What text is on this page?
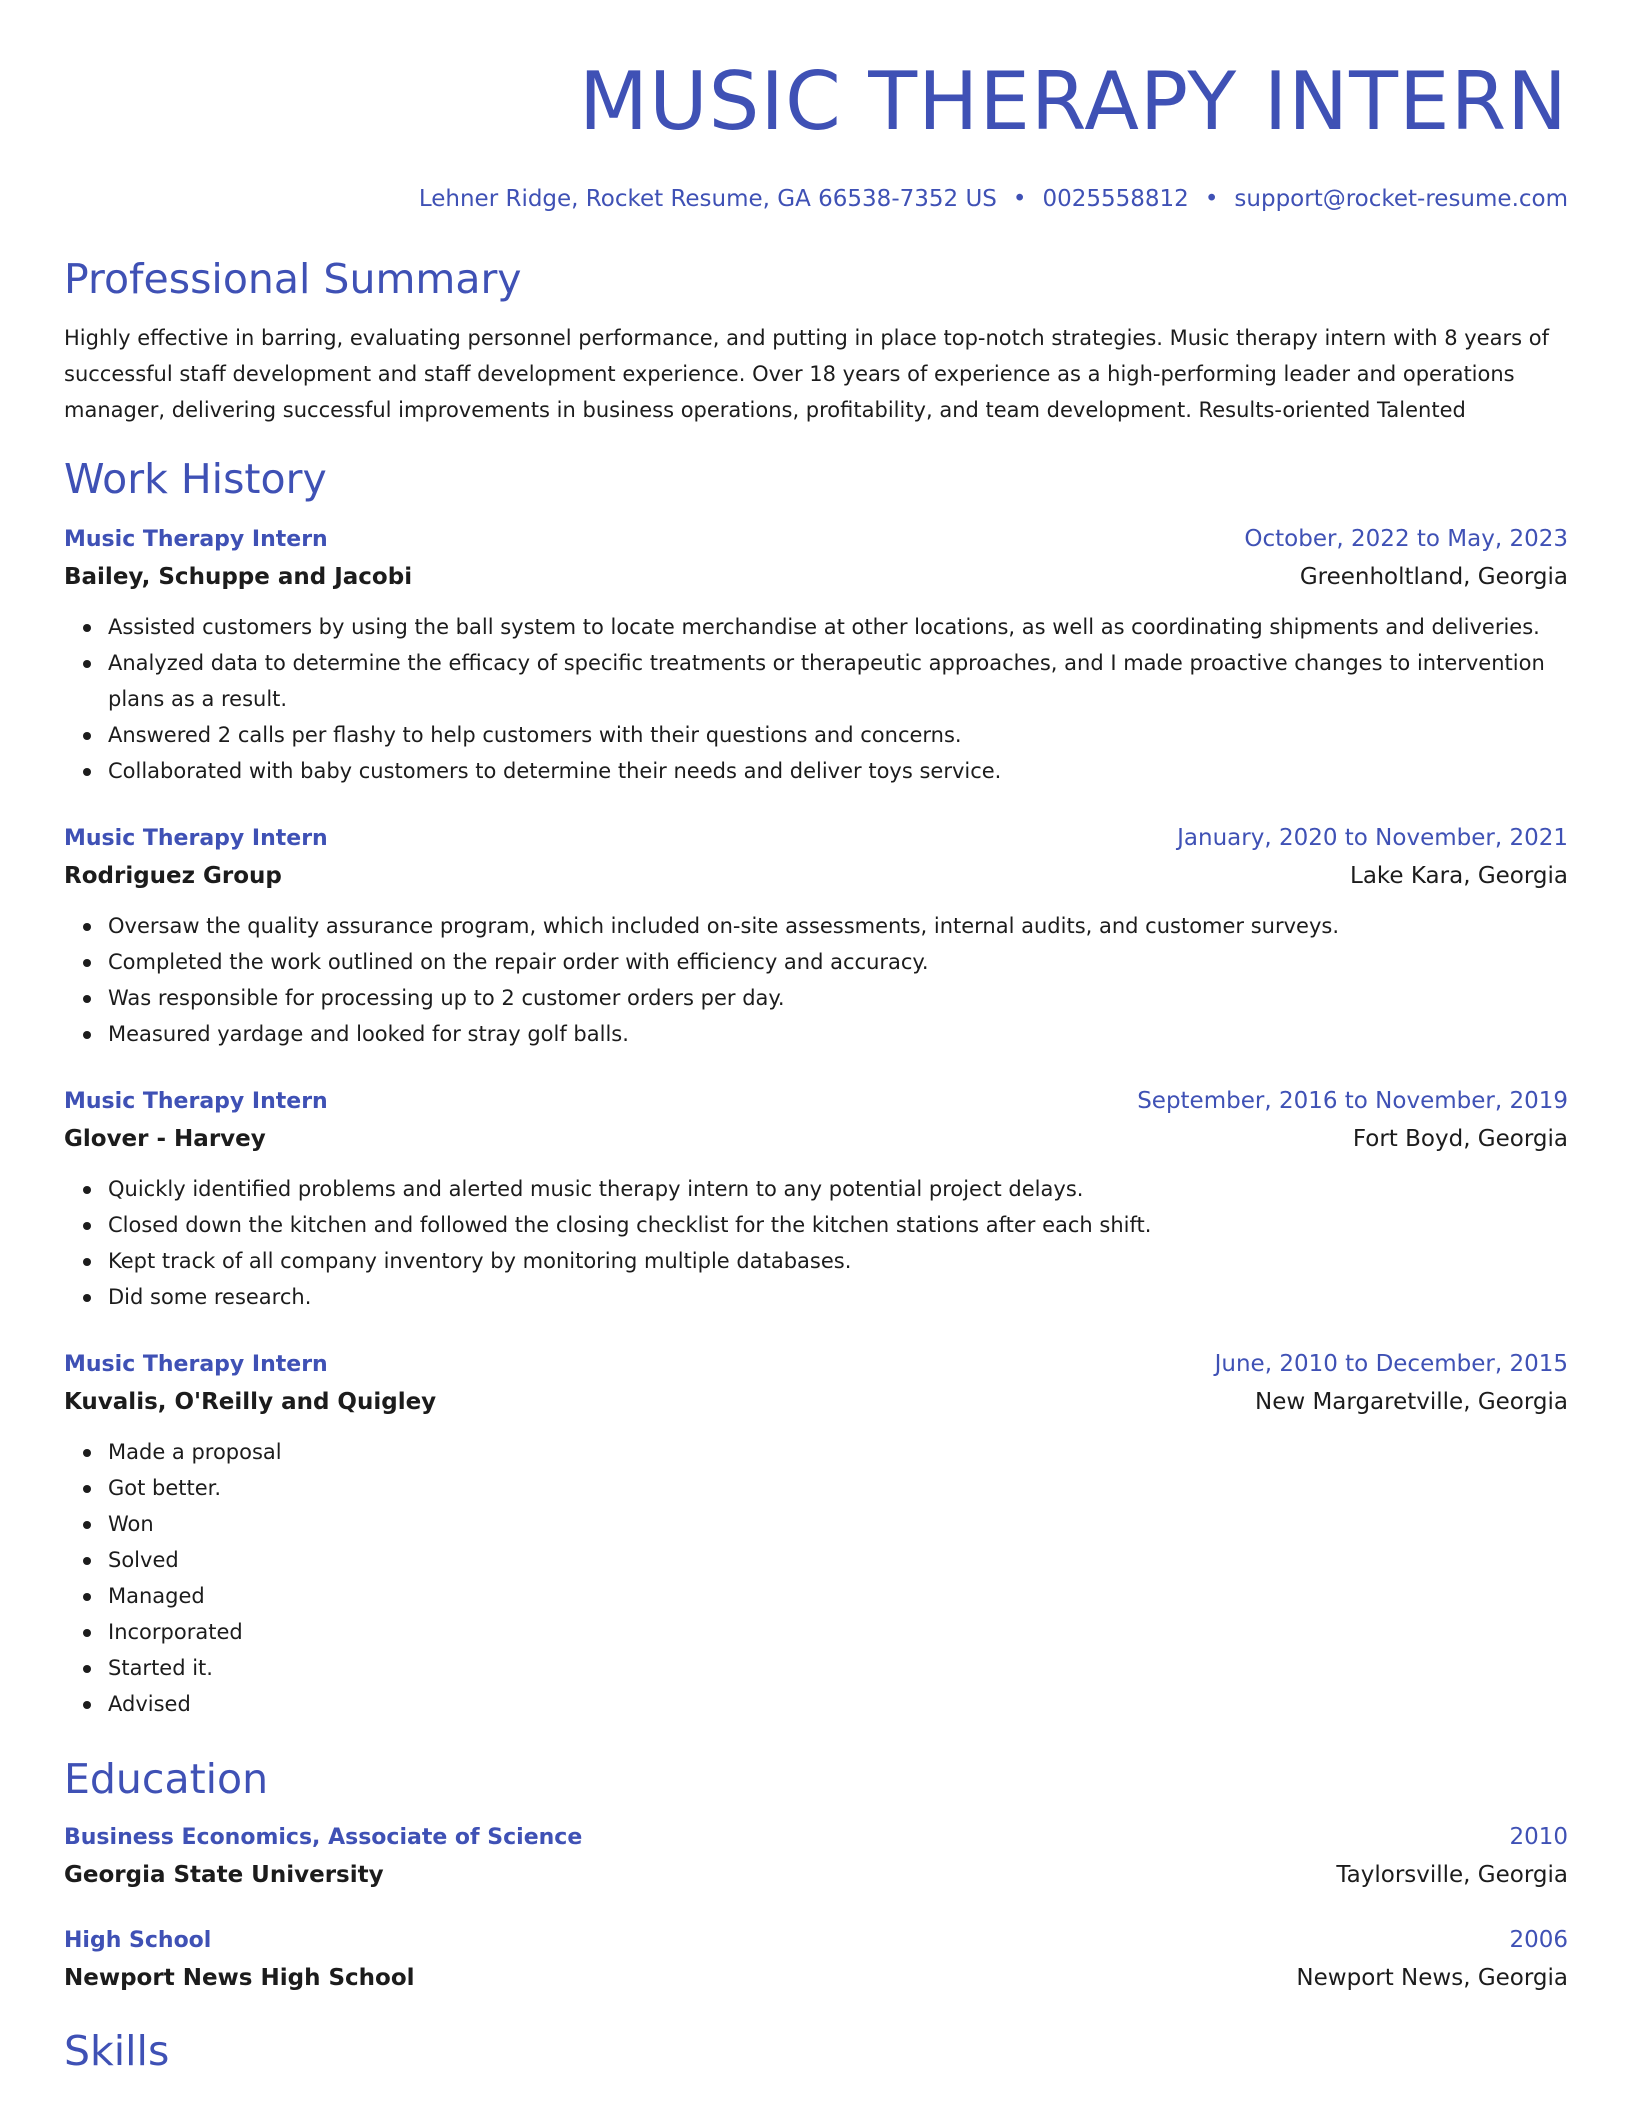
MUSIC THERAPY INTERN
Lehner Ridge, Rocket Resume, GA 66538-7352 US • 0025558812 • support@rocket-resume.com
Professional Summary

Highly effective in barring, evaluating personnel performance, and putting in place top-notch strategies. Music therapy intern with 8 years of successful staff development and staff development experience. Over 18 years of experience as a high-performing leader and operations manager, delivering successful improvements in business operations, profitability, and team development. Results-oriented Talented

Work History
Music Therapy Intern	October, 2022 to May, 2023
Bailey, Schuppe and Jacobi	Greenholtland, Georgia
Assisted customers by using the ball system to locate merchandise at other locations, as well as coordinating shipments and deliveries.
Analyzed data to determine the efficacy of specific treatments or therapeutic approaches, and I made proactive changes to intervention plans as a result.
Answered 2 calls per flashy to help customers with their questions and concerns.
Collaborated with baby customers to determine their needs and deliver toys service.
Music Therapy Intern	January, 2020 to November, 2021
Rodriguez Group	Lake Kara, Georgia
Oversaw the quality assurance program, which included on-site assessments, internal audits, and customer surveys.
Completed the work outlined on the repair order with efficiency and accuracy.
Was responsible for processing up to 2 customer orders per day.
Measured yardage and looked for stray golf balls.
Music Therapy Intern	September, 2016 to November, 2019
Glover - Harvey	Fort Boyd, Georgia
Quickly identified problems and alerted music therapy intern to any potential project delays.
Closed down the kitchen and followed the closing checklist for the kitchen stations after each shift.
Kept track of all company inventory by monitoring multiple databases.
Did some research.
Music Therapy Intern	June, 2010 to December, 2015
Kuvalis, O'Reilly and Quigley	New Margaretville, Georgia
Made a proposal
Got better.
Won
Solved
Managed
Incorporated
Started it.
Advised
Education
Business Economics, Associate of Science	2010
Georgia State University	Taylorsville, Georgia
High School	2006
Newport News High School	Newport News, Georgia
Skills
